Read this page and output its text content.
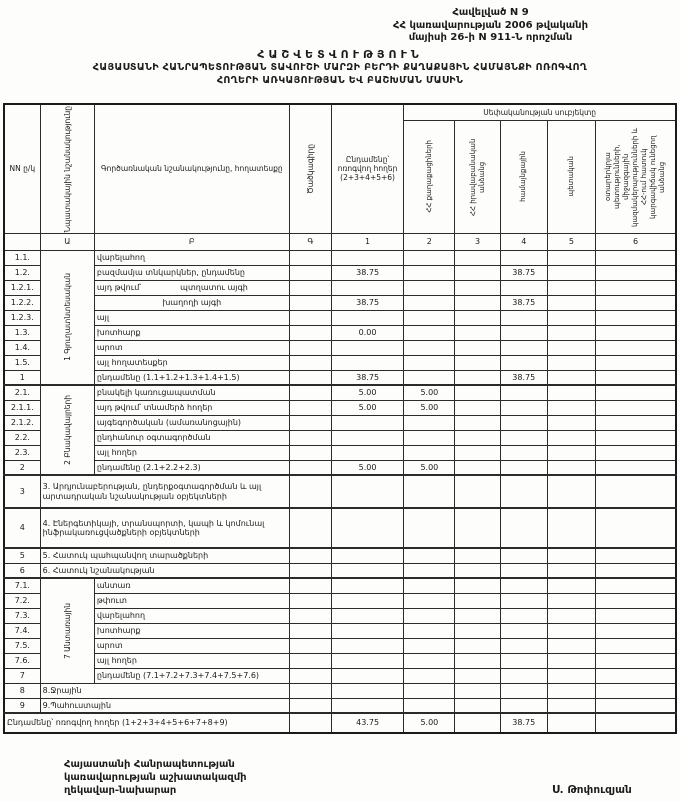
Հավելված N 9
ՀՀ կառավարության 2006 թվականի
մայիսի 26-ի N 911-Ն որոշման
ՀԱՇՎԵՏՎՈՒԹՅՈՒՆ
ՀԱՅԱՍՏԱՆԻ ՀԱՆՐԱՊԵՏՈՒԹՅԱՆ ՏԱՎՈՒՇԻ ՄԱՐԶԻ ԲԵՐԴԻ ՔԱՂԱՔԱՅԻՆ ՀԱՄԱՅՆՔԻ ՈՌՈԳՎՈՂ
ՀՈՂԵՐԻ ԱՌԿԱՅՈՒԹՅԱՆ ԵՎ ԲԱՇԽՄԱՆ ՄԱՍԻՆ
NN ը/կ	Նպատակային նշանակությունը	Գործառնական նշանակությունը, հողատեսքը	Ծածկագիրը	Ընդամենը՝ ոռոգվող հողեր (2+3+4+5+6)	Սեփականության սուբյեկտը				

					ՀՀ քաղաքացիների	ՀՀ իրավաբանական անձանց	համայնքային	պետական	օտարերկրյա պետությունների, միջազգային կազմակերպությունների և ՀՀ-ում հատուկ կարգավիճակ ունեցող անձանց

	Ա	Բ	Գ	1	2	3	4	5	6
1.1.	1 Գյուղատնտեսական	վարելահող							
1.2.		բազմամյա տնկարկներ, ընդամենը		38.75			38.75		
1.2.1.		այդ թվում՝ պտղատու այգի							

1.2.2.		խաղողի այգի		38.75			38.75		
1.2.3.		այլ							
1.3.		խոտհարք		0.00					
1.4.		արոտ							
1.5.		այլ հողատեսքեր							
1		ընդամենը (1.1+1.2+1.3+1.4+1.5)		38.75			38.75		
2.1.	2 Բնակավայրերի	բնակելի կառուցապատման		5.00	5.00				
2.1.1.		այդ թվում՝ տնամերձ հողեր		5.00	5.00				
2.1.2.		այգեգործական (ամառանոցային)							
2.2.		ընդհանուր օգտագործման							
2.3.		այլ հողեր							
2		ընդամենը (2.1+2.2+2.3)		5.00	5.00				
3	3. Արդյունաբերության, ընդերքօգտագործման և այլ արտադրական նշանակության օբյեկտների								
4	4. Էներգետիկայի, տրանսպորտի, կապի և կոմունալ ինֆրակառուցվածքների օբյեկտների								
5	5. Հատուկ պահպանվող տարածքների								
6	6. Հատուկ նշանակության								
7.1.	7 Անտառային	անտառ							
7.2.		թփուտ							
7.3.		վարելահող							
7.4.		խոտհարք							
7.5.		արոտ							
7.6.		այլ հողեր							
7		ընդամենը (7.1+7.2+7.3+7.4+7.5+7.6)							
8	8.Ջրային								
9	9.Պահուստային								
Ընդամենը՝ ոռոգվող հողեր (1+2+3+4+5+6+7+8+9)				43.75	5.00		38.75		
Հայաստանի Հանրապետության
կառավարության աշխատակազմի
ղեկավար-նախարար	Ս. Թոփուզյան
